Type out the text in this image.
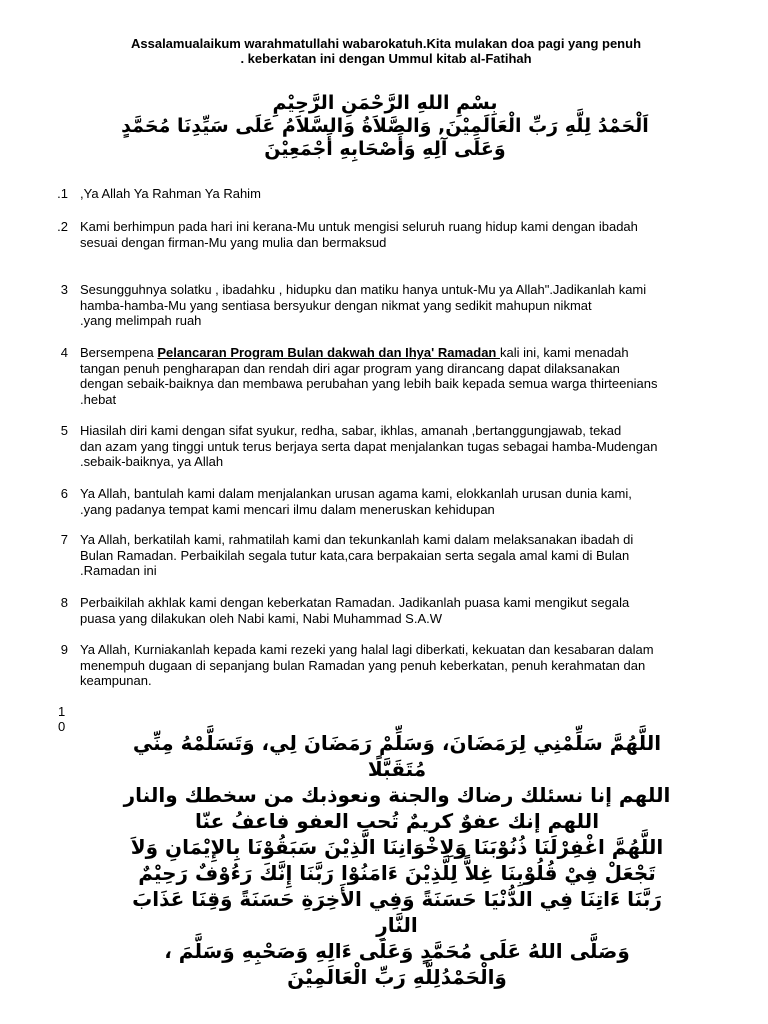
Assalamualaikum warahmatullahi wabarokatuh.Kita mulakan doa pagi yang penuh
. keberkatan ini dengan Ummul kitab al-Fatihah
بِسْمِ اللهِ الرَّحْمَنِ الرَّحِيْمِ
اَلْحَمْدُ لِلَّهِ رَبِّ الْعَالَمِيْنَ, وَالصَّلاَةُ وَالسَّلاَمُ عَلَى سَيِّدِنَا مُحَمَّدٍ
وَعَلَى آلِهِ وَأَصْحَابِهِ أَجْمَعِيْنَ
.1 ,Ya Allah Ya Rahman Ya Rahim
.2 Kami berhimpun pada hari ini kerana-Mu untuk mengisi seluruh ruang hidup kami dengan ibadah
sesuai dengan firman-Mu yang mulia dan bermaksud
3 Sesungguhnya solatku , ibadahku , hidupku dan matiku hanya untuk-Mu ya Allah".Jadikanlah kami
hamba-hamba-Mu yang sentiasa bersyukur dengan nikmat yang sedikit mahupun nikmat
.yang melimpah ruah
4 Bersempena Pelancaran Program Bulan dakwah dan Ihya' Ramadan kali ini, kami menadah
tangan penuh pengharapan dan rendah diri agar program yang dirancang dapat dilaksanakan
dengan sebaik-baiknya dan membawa perubahan yang lebih baik kepada semua warga thirteenians
.hebat
5 Hiasilah diri kami dengan sifat syukur, redha, sabar, ikhlas, amanah ,bertanggungjawab, tekad
dan azam yang tinggi untuk terus berjaya serta dapat menjalankan tugas sebagai hamba-Mudengan
.sebaik-baiknya, ya Allah
6 Ya Allah, bantulah kami dalam menjalankan urusan agama kami, elokkanlah urusan dunia kami,
.yang padanya tempat kami mencari ilmu dalam meneruskan kehidupan
7 Ya Allah, berkatilah kami, rahmatilah kami dan tekunkanlah kami dalam melaksanakan ibadah di
Bulan Ramadan. Perbaikilah segala tutur kata,cara berpakaian serta segala amal kami di Bulan
.Ramadan ini
8 Perbaikilah akhlak kami dengan keberkatan Ramadan. Jadikanlah puasa kami mengikut segala
puasa yang dilakukan oleh Nabi kami, Nabi Muhammad S.A.W
9 Ya Allah, Kurniakanlah kepada kami rezeki yang halal lagi diberkati, kekuatan dan kesabaran dalam
menempuh dugaan di sepanjang bulan Ramadan yang penuh keberkatan, penuh kerahmatan dan
keampunan.
10
اللَّهُمَّ سَلِّمْنِي لِرَمَضَانَ، وَسَلِّمْ رَمَضَانَ لِي، وَتَسَلَّمْهُ مِنِّي
مُتَقَبَّلًا
اللهم إنا نسئلك رضاك والجنة ونعوذبك من سخطك والنار
اللهم إنك عفوٌ كريمٌ تُحب العفو فاعفُ عنّا
اللَّهُمَّ اغْفِرْلَنَا ذُنُوْبَنَا وَلِاخْوَانِنَا الَّذِيْنَ سَبَقُوْنَا بِالإِيْمَانِ وَلاَ
تَجْعَلْ فِيْ قُلُوْبِنَا غِلاًّ لِلَّذِيْنَ ءَامَنُوْا رَبَّنَا إِنَّكَ رَءُوْفٌ رَحِيْمٌ
رَبَّنَا ءَاتِنَا فِي الدُّنْيَا حَسَنَةً وَفِي الأَخِرَةِ حَسَنَةً وَقِنَا عَذَابَ
النَّارِ
وَصَلَّى اللهُ عَلَى مُحَمَّدٍ وَعَلَى ءَالِهِ وَصَحْبِهِ وَسَلَّمَ ،
وَالْحَمْدُلِلَّهِ رَبِّ الْعَالَمِيْنَ
